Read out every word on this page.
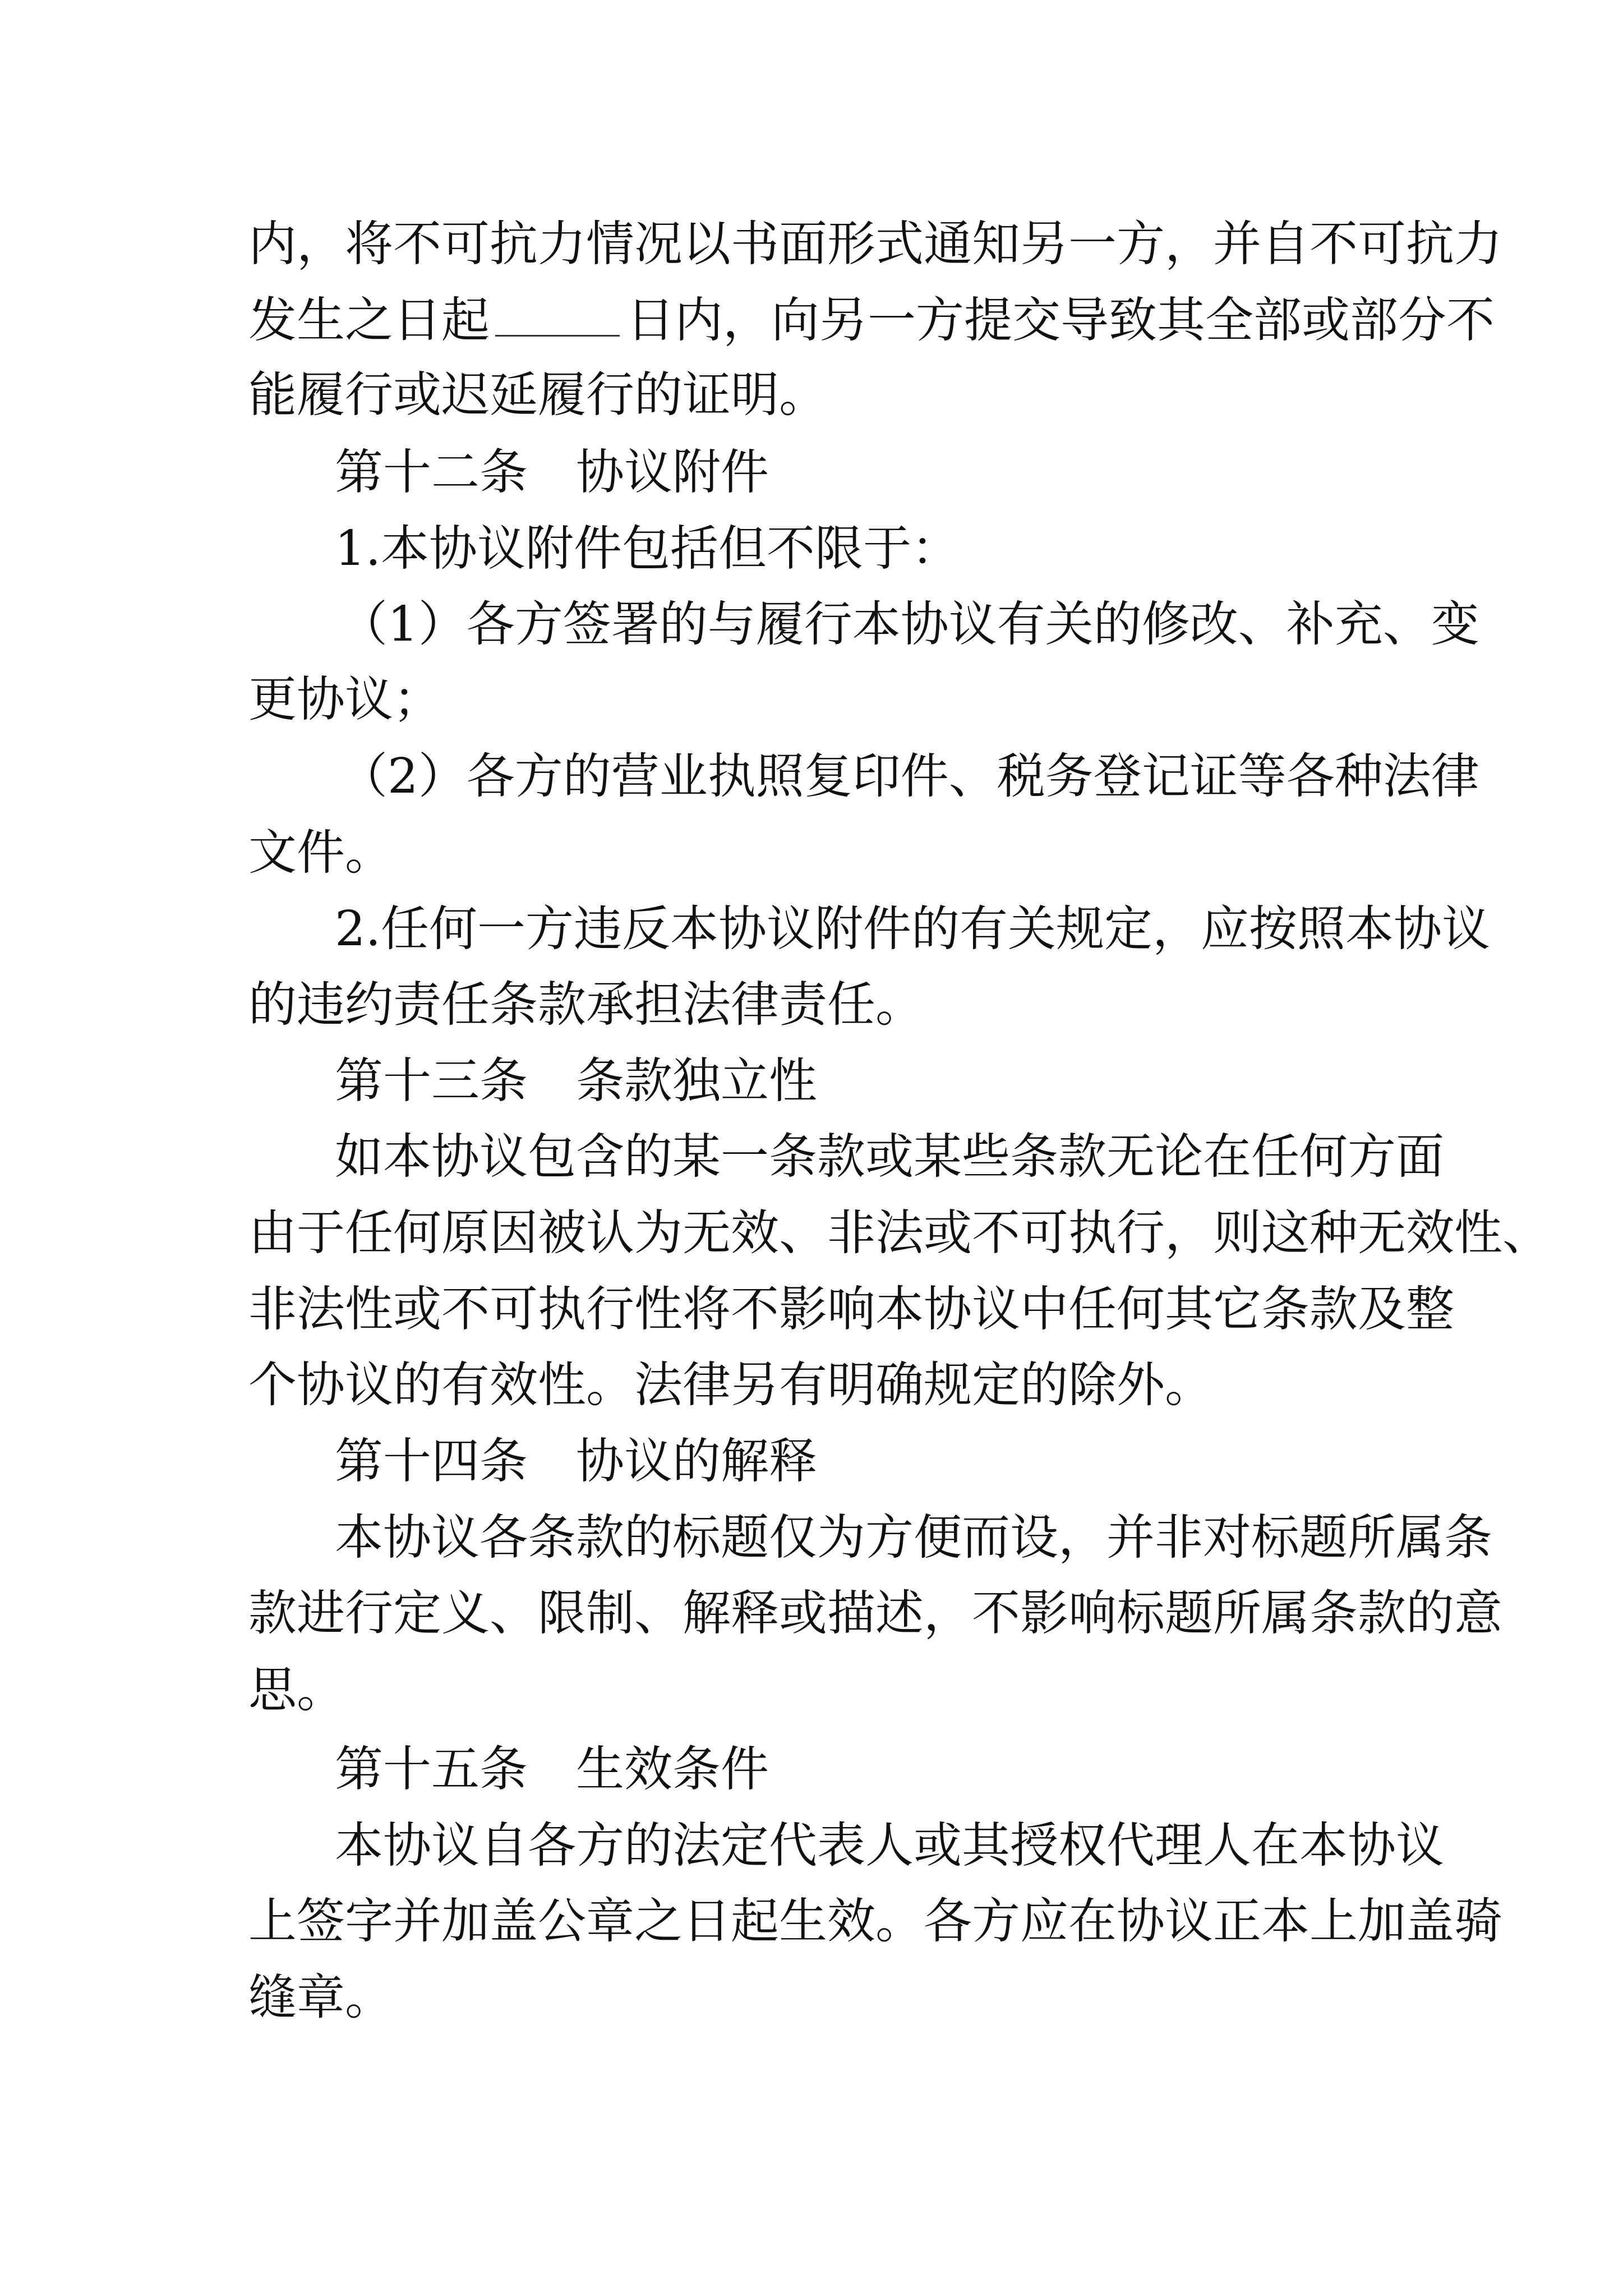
内，将不可抗力情况以书面形式通知另一方，并自不可抗力
发生之日起	日内，向另一方提交导致其全部或部分不
能履行或迟延履行的证明。
第十二条 协议附件
1.本协议附件包括但不限于：
（1）各方签署的与履行本协议有关的修改、补充、变
更协议；
（2）各方的营业执照复印件、税务登记证等各种法律
文件。
2.任何一方违反本协议附件的有关规定，应按照本协议
的违约责任条款承担法律责任。
第十三条 条款独立性
如本协议包含的某一条款或某些条款无论在任何方面
由于任何原因被认为无效、非法或不可执行，则这种无效性、
非法性或不可执行性将不影响本协议中任何其它条款及整
个协议的有效性。法律另有明确规定的除外。
第十四条 协议的解释
本协议各条款的标题仅为方便而设，并非对标题所属条
款进行定义、限制、解释或描述，不影响标题所属条款的意
思。
第十五条 生效条件
本协议自各方的法定代表人或其授权代理人在本协议
上签字并加盖公章之日起生效。各方应在协议正本上加盖骑
缝章。
